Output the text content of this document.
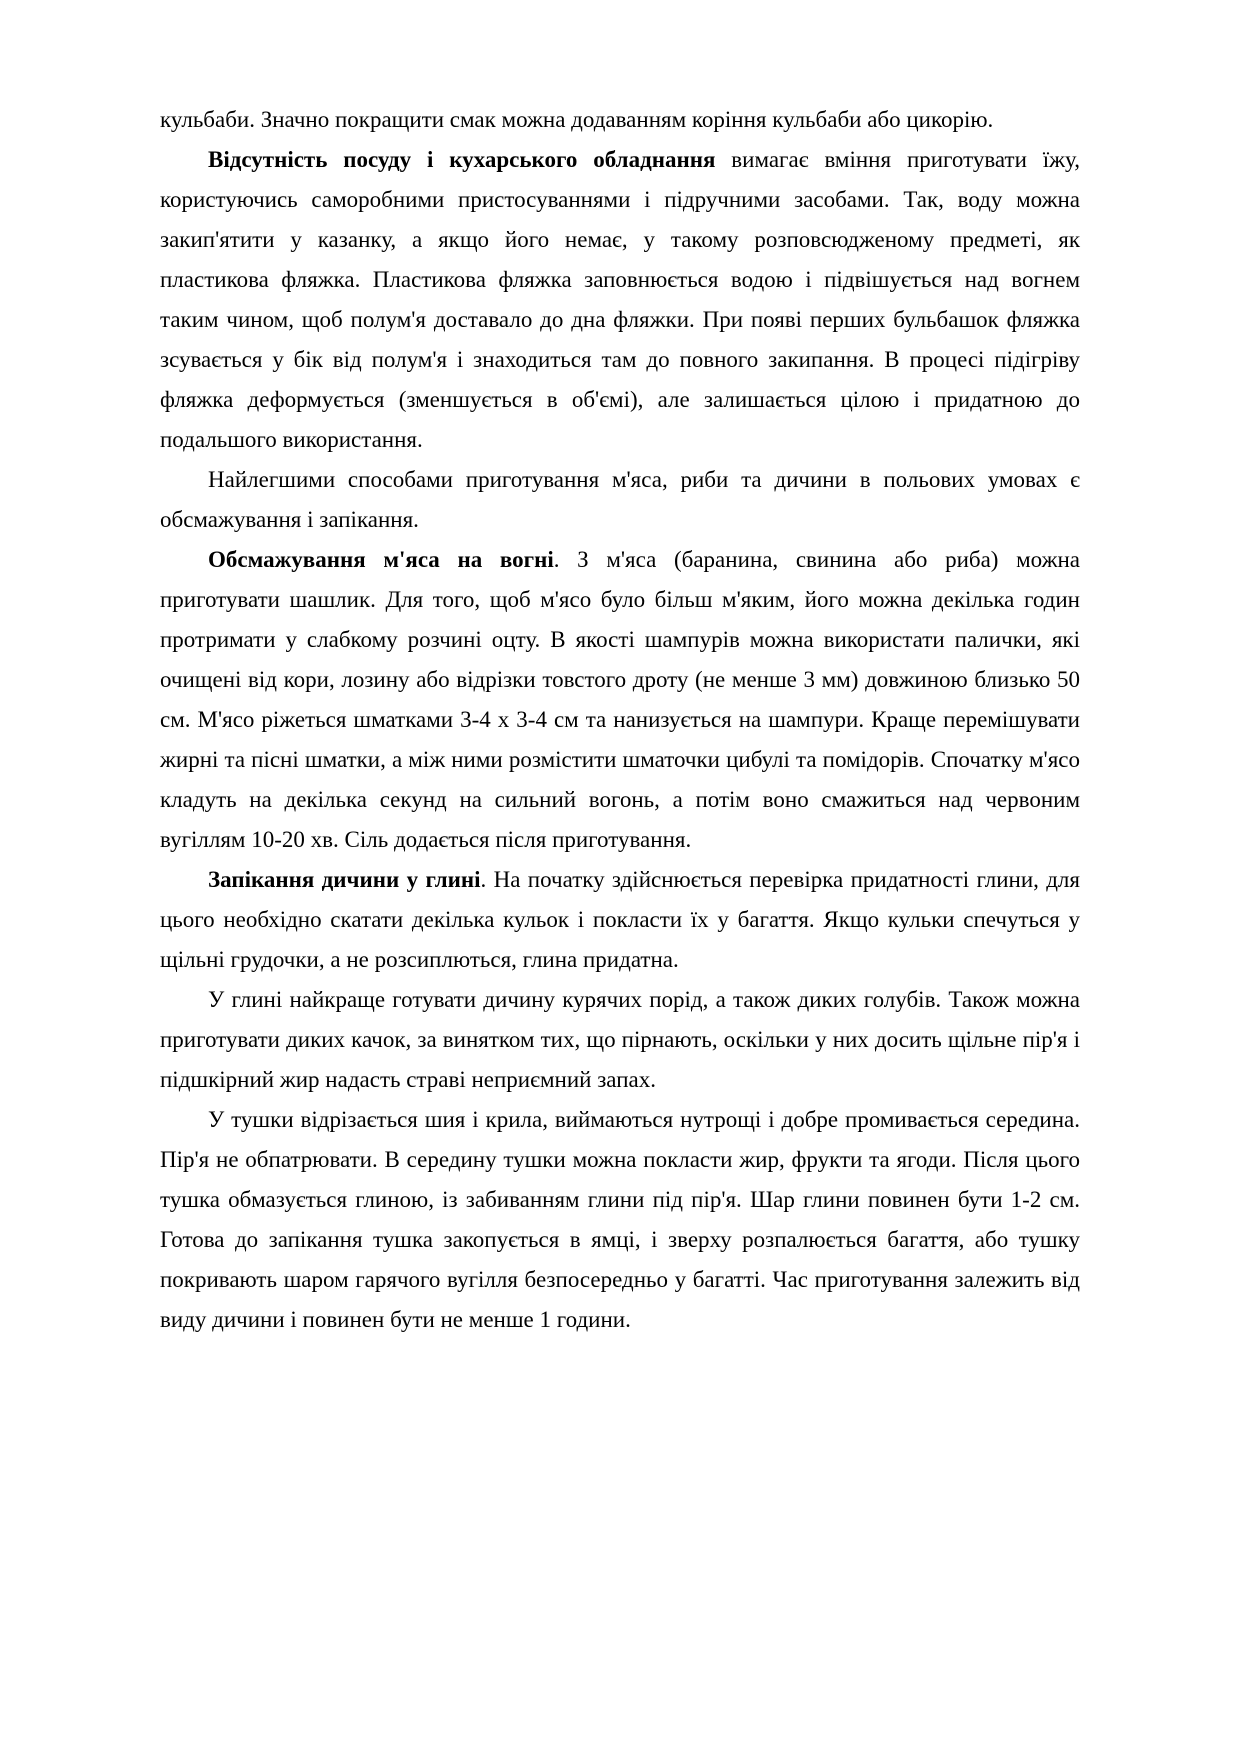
кульбаби. Значно покращити смак можна додаванням коріння кульбаби або цикорію.

Відсутність посуду і кухарського обладнання вимагає вміння приготувати їжу, користуючись саморобними пристосуваннями і підручними засобами. Так, воду можна закип'ятити у казанку, а якщо його немає, у такому розповсюдженому предметі, як пластикова фляжка. Пластикова фляжка заповнюється водою і підвішується над вогнем таким чином, щоб полум'я доставало до дна фляжки. При появі перших бульбашок фляжка зсувається у бік від полум'я і знаходиться там до повного закипання. В процесі підігріву фляжка деформується (зменшується в об'ємі), але залишається цілою і придатною до подальшого використання.

Найлегшими способами приготування м'яса, риби та дичини в польових умовах є обсмажування і запікання.

Обсмажування м'яса на вогні. З м'яса (баранина, свинина або риба) можна приготувати шашлик. Для того, щоб м'ясо було більш м'яким, його можна декілька годин протримати у слабкому розчині оцту. В якості шампурів можна використати палички, які очищені від кори, лозину або відрізки товстого дроту (не менше 3 мм) довжиною близько 50 см. М'ясо ріжеться шматками 3-4 х 3-4 см та нанизується на шампури. Краще перемішувати жирні та пісні шматки, а між ними розмістити шматочки цибулі та помідорів. Спочатку м'ясо кладуть на декілька секунд на сильний вогонь, а потім воно смажиться над червоним вугіллям 10-20 хв. Сіль додається після приготування.

Запікання дичини у глині. На початку здійснюється перевірка придатності глини, для цього необхідно скатати декілька кульок і покласти їх у багаття. Якщо кульки спечуться у щільні грудочки, а не розсиплються, глина придатна.

У глині найкраще готувати дичину курячих порід, а також диких голубів. Також можна приготувати диких качок, за винятком тих, що пірнають, оскільки у них досить щільне пір'я і підшкірний жир надасть страві неприємний запах.

У тушки відрізається шия і крила, виймаються нутрощі і добре промивається середина. Пір'я не обпатрювати. В середину тушки можна покласти жир, фрукти та ягоди. Після цього тушка обмазується глиною, із забиванням глини під пір'я. Шар глини повинен бути 1-2 см. Готова до запікання тушка закопується в ямці, і зверху розпалюється багаття, або тушку покривають шаром гарячого вугілля безпосередньо у багатті. Час приготування залежить від виду дичини і повинен бути не менше 1 години.
